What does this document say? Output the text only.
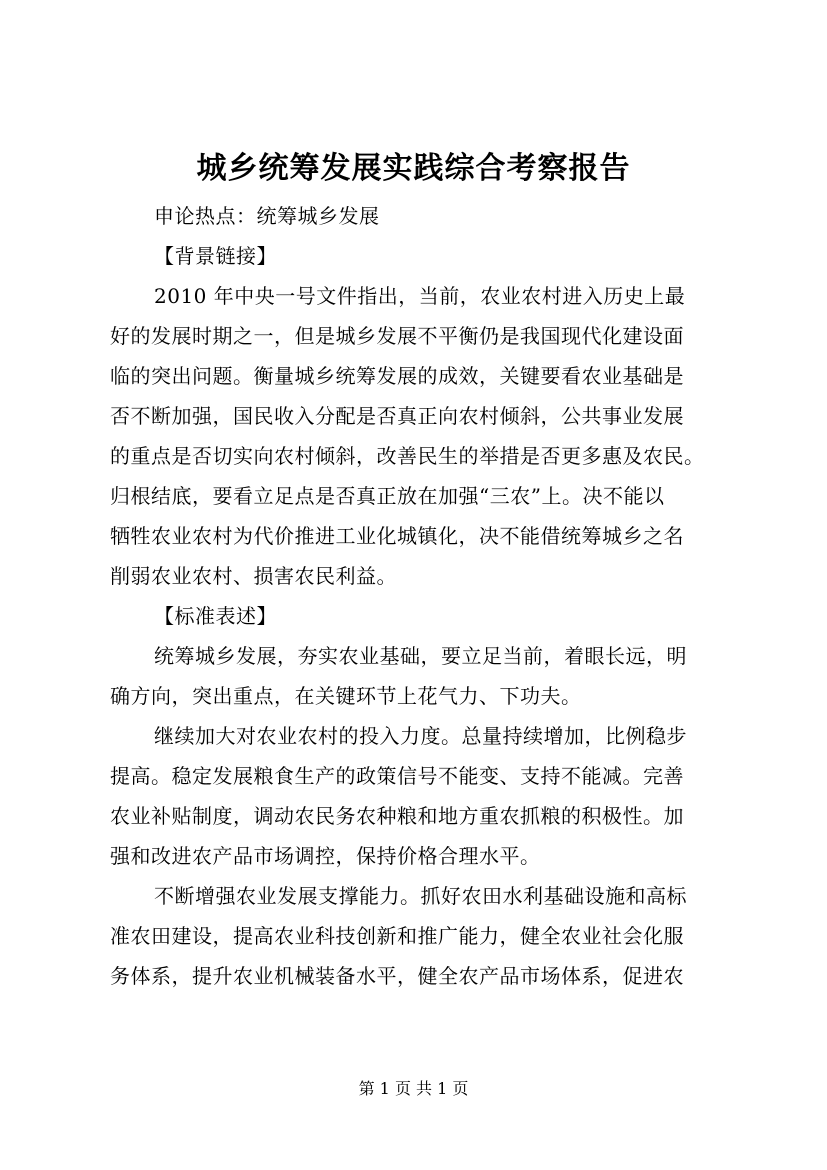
城乡统筹发展实践综合考察报告
申论热点：统筹城乡发展
【背景链接】
2010 年中央一号文件指出，当前，农业农村进入历史上最
好的发展时期之一，但是城乡发展不平衡仍是我国现代化建设面
临的突出问题。衡量城乡统筹发展的成效，关键要看农业基础是
否不断加强，国民收入分配是否真正向农村倾斜，公共事业发展
的重点是否切实向农村倾斜，改善民生的举措是否更多惠及农民。
归根结底，要看立足点是否真正放在加强“三农”上。决不能以
牺牲农业农村为代价推进工业化城镇化，决不能借统筹城乡之名
削弱农业农村、损害农民利益。
【标准表述】
统筹城乡发展，夯实农业基础，要立足当前，着眼长远，明
确方向，突出重点，在关键环节上花气力、下功夫。
继续加大对农业农村的投入力度。总量持续增加，比例稳步
提高。稳定发展粮食生产的政策信号不能变、支持不能减。完善
农业补贴制度，调动农民务农种粮和地方重农抓粮的积极性。加
强和改进农产品市场调控，保持价格合理水平。
不断增强农业发展支撑能力。抓好农田水利基础设施和高标
准农田建设，提高农业科技创新和推广能力，健全农业社会化服
务体系，提升农业机械装备水平，健全农产品市场体系，促进农
第 1 页 共 1 页
